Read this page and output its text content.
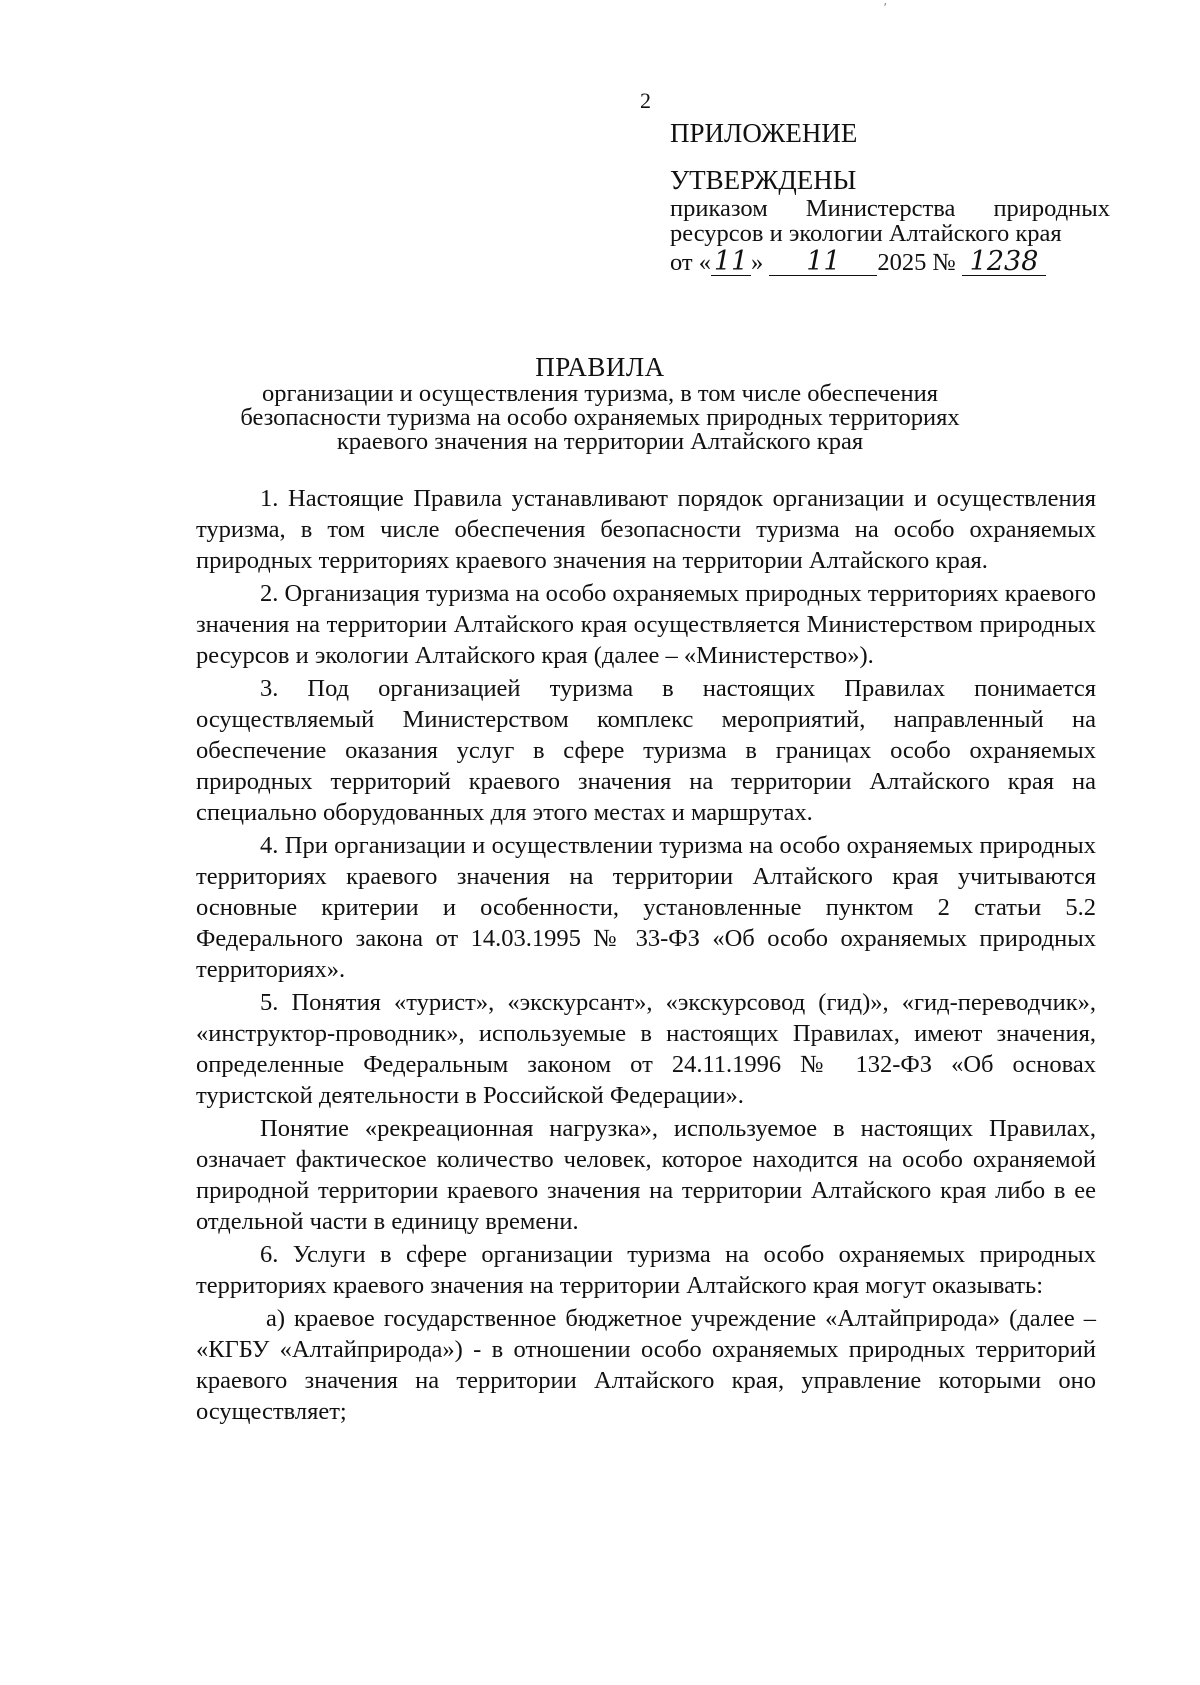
ʹ
2
ПРИЛОЖЕНИЕ
УТВЕРЖДЕНЫ
приказом Министерства природных ресурсов и экологии Алтайского края
от « 11 » 11 2025 № 1238
ПРАВИЛА
организации и осуществления туризма, в том числе обеспечения
безопасности туризма на особо охраняемых природных территориях
краевого значения на территории Алтайского края

1. Настоящие Правила устанавливают порядок организации и осуществления туризма, в том числе обеспечения безопасности туризма на особо охраняемых природных территориях краевого значения на территории Алтайского края.

2. Организация туризма на особо охраняемых природных территориях краевого значения на территории Алтайского края осуществляется Министерством природных ресурсов и экологии Алтайского края (далее – «Министерство»).

3. Под организацией туризма в настоящих Правилах понимается осуществляемый Министерством комплекс мероприятий, направленный на обеспечение оказания услуг в сфере туризма в границах особо охраняемых природных территорий краевого значения на территории Алтайского края на специально оборудованных для этого местах и маршрутах.

4. При организации и осуществлении туризма на особо охраняемых природных территориях краевого значения на территории Алтайского края учитываются основные критерии и особенности, установленные пунктом 2 статьи 5.2 Федерального закона от 14.03.1995 № 33-ФЗ «Об особо охраняемых природных территориях».

5. Понятия «турист», «экскурсант», «экскурсовод (гид)», «гид-переводчик», «инструктор-проводник», используемые в настоящих Правилах, имеют значения, определенные Федеральным законом от 24.11.1996 № 132-ФЗ «Об основах туристской деятельности в Российской Федерации».

Понятие «рекреационная нагрузка», используемое в настоящих Правилах, означает фактическое количество человек, которое находится на особо охраняемой природной территории краевого значения на территории Алтайского края либо в ее отдельной части в единицу времени.

6. Услуги в сфере организации туризма на особо охраняемых природных территориях краевого значения на территории Алтайского края могут оказывать:

а) краевое государственное бюджетное учреждение «Алтайприрода» (далее – «КГБУ «Алтайприрода») - в отношении особо охраняемых природных территорий краевого значения на территории Алтайского края, управление которыми оно осуществляет;
